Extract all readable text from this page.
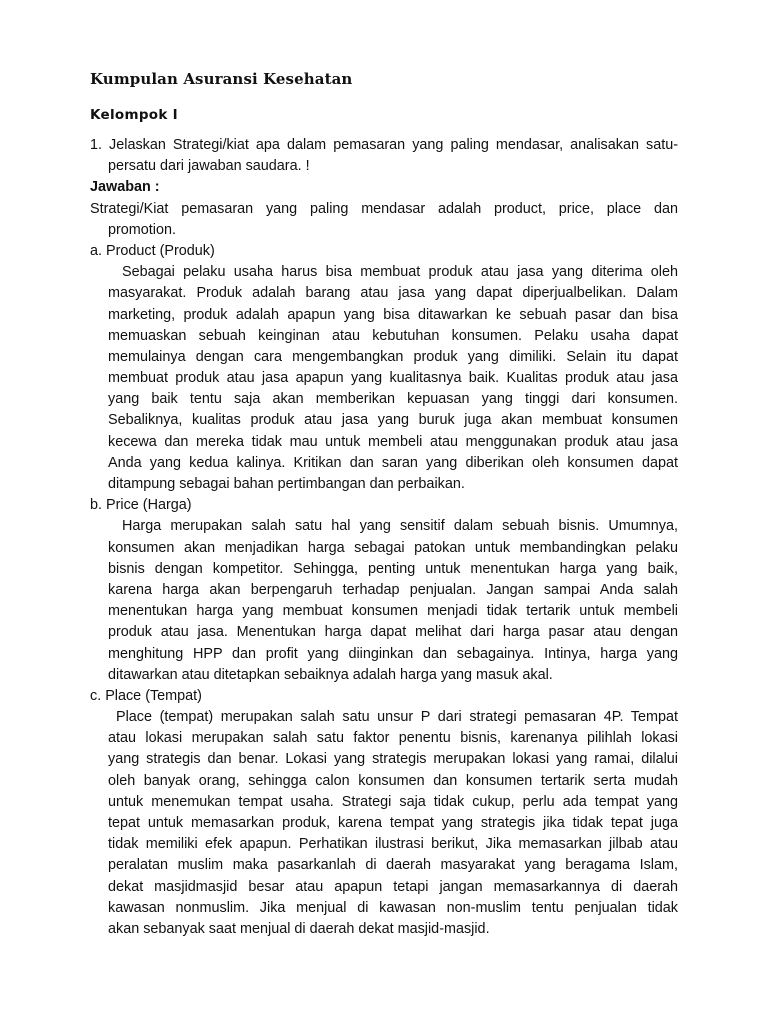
Kumpulan Asuransi Kesehatan
Kelompok I
1. Jelaskan Strategi/kiat apa dalam pemasaran yang paling mendasar, analisakan satu-
persatu dari jawaban saudara. !
Jawaban :
Strategi/Kiat pemasaran yang paling mendasar adalah product, price, place dan
promotion.
a. Product (Produk)
Sebagai pelaku usaha harus bisa membuat produk atau jasa yang diterima oleh
masyarakat. Produk adalah barang atau jasa yang dapat diperjualbelikan. Dalam
marketing, produk adalah apapun yang bisa ditawarkan ke sebuah pasar dan bisa
memuaskan sebuah keinginan atau kebutuhan konsumen. Pelaku usaha dapat
memulainya dengan cara mengembangkan produk yang dimiliki. Selain itu dapat
membuat produk atau jasa apapun yang kualitasnya baik. Kualitas produk atau jasa
yang baik tentu saja akan memberikan kepuasan yang tinggi dari konsumen.
Sebaliknya, kualitas produk atau jasa yang buruk juga akan membuat konsumen
kecewa dan mereka tidak mau untuk membeli atau menggunakan produk atau jasa
Anda yang kedua kalinya. Kritikan dan saran yang diberikan oleh konsumen dapat
ditampung sebagai bahan pertimbangan dan perbaikan.
b. Price (Harga)
Harga merupakan salah satu hal yang sensitif dalam sebuah bisnis. Umumnya,
konsumen akan menjadikan harga sebagai patokan untuk membandingkan pelaku
bisnis dengan kompetitor. Sehingga, penting untuk menentukan harga yang baik,
karena harga akan berpengaruh terhadap penjualan. Jangan sampai Anda salah
menentukan harga yang membuat konsumen menjadi tidak tertarik untuk membeli
produk atau jasa. Menentukan harga dapat melihat dari harga pasar atau dengan
menghitung HPP dan profit yang diinginkan dan sebagainya. Intinya, harga yang
ditawarkan atau ditetapkan sebaiknya adalah harga yang masuk akal.
c. Place (Tempat)
Place (tempat) merupakan salah satu unsur P dari strategi pemasaran 4P. Tempat
atau lokasi merupakan salah satu faktor penentu bisnis, karenanya pilihlah lokasi
yang strategis dan benar. Lokasi yang strategis merupakan lokasi yang ramai, dilalui
oleh banyak orang, sehingga calon konsumen dan konsumen tertarik serta mudah
untuk menemukan tempat usaha. Strategi saja tidak cukup, perlu ada tempat yang
tepat untuk memasarkan produk, karena tempat yang strategis jika tidak tepat juga
tidak memiliki efek apapun. Perhatikan ilustrasi berikut, Jika memasarkan jilbab atau
peralatan muslim maka pasarkanlah di daerah masyarakat yang beragama Islam,
dekat masjidmasjid besar atau apapun tetapi jangan memasarkannya di daerah
kawasan nonmuslim. Jika menjual di kawasan non-muslim tentu penjualan tidak
akan sebanyak saat menjual di daerah dekat masjid-masjid.
